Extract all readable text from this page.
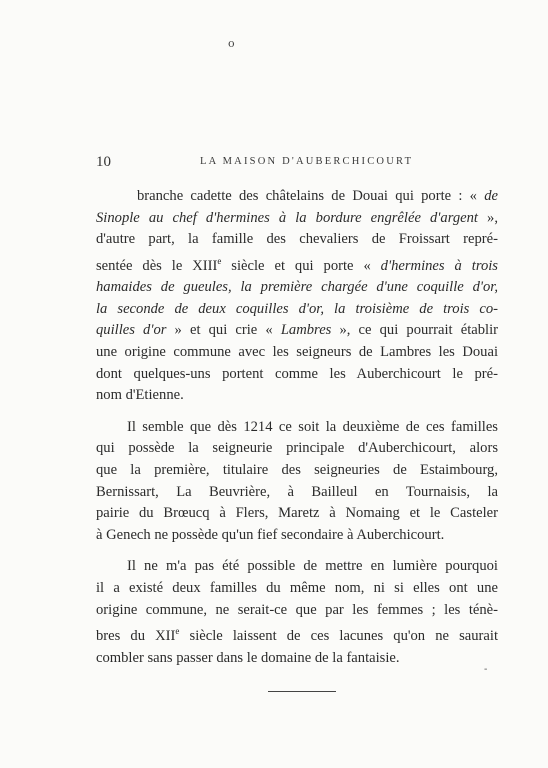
o
10	LA MAISON D'AUBERCHICOURT
branche cadette des châtelains de Douai qui porte : « de
Sinople au chef d'hermines à la bordure engrêlée d'argent »,
d'autre part, la famille des chevaliers de Froissart repré-
sentée dès le XIIIe siècle et qui porte « d'hermines à trois
hamaides de gueules, la première chargée d'une coquille d'or,
la seconde de deux coquilles d'or, la troisième de trois co-
quilles d'or » et qui crie « Lambres », ce qui pourrait établir
une origine commune avec les seigneurs de Lambres les Douai
dont quelques-uns portent comme les Auberchicourt le pré-
nom d'Etienne.
Il semble que dès 1214 ce soit la deuxième de ces familles
qui possède la seigneurie principale d'Auberchicourt, alors
que la première, titulaire des seigneuries de Estaimbourg,
Bernissart, La Beuvrière, à Bailleul en Tournaisis, la
pairie du Brœucq à Flers, Maretz à Nomaing et le Casteler
à Genech ne possède qu'un fief secondaire à Auberchicourt.
Il ne m'a pas été possible de mettre en lumière pourquoi
il a existé deux familles du même nom, ni si elles ont une
origine commune, ne serait-ce que par les femmes ; les ténè-
bres du XIIe siècle laissent de ces lacunes qu'on ne saurait
combler sans passer dans le domaine de la fantaisie.
-
